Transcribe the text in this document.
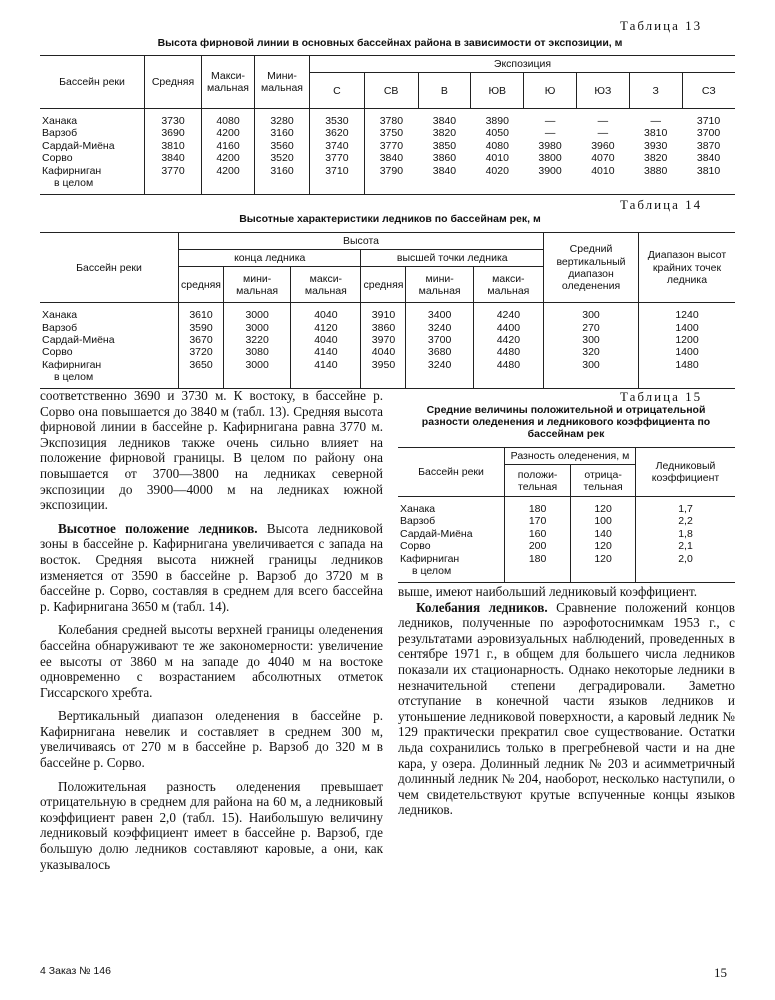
Таблица 13
Высота фирновой линии в основных бассейнах района в зависимости от экспозиции, м
Бассейн реки	Средняя	Макси-мальная	Мини-мальная	Экспозиция							
				С	СВ	В	ЮВ	Ю	ЮЗ	З	СЗ
Ханака	3730	4080	3280	3530	3780	3840	3890	—	—	—	3710
Варзоб	3690	4200	3160	3620	3750	3820	4050	—	—	3810	3700
Сардай-Миёна	3810	4160	3560	3740	3770	3850	4080	3980	3960	3930	3870
Сорво	3840	4200	3520	3770	3840	3860	4010	3800	4070	3820	3840
Кафирниган	3770	4200	3160	3710	3790	3840	4020	3900	4010	3880	3810
в целом											
Таблица 14
Высотные характеристики ледников по бассейнам рек, м
Бассейн реки	Высота						Средний вертикальный диапазон оледенения	Диапазон высот крайних точек ледника
	конца ледника			высшей точки ледника				
	средняя	мини-мальная	макси-мальная	средняя	мини-мальная	макси-мальная		
Ханака	3610	3000	4040	3910	3400	4240	300	1240
Варзоб	3590	3000	4120	3860	3240	4400	270	1400
Сардай-Миёна	3670	3220	4040	3970	3700	4420	300	1200
Сорво	3720	3080	4140	4040	3680	4480	320	1400
Кафирниган	3650	3000	4140	3950	3240	4480	300	1480
в целом								

соответственно 3690 и 3730 м. К востоку, в бассейне р. Сорво она повышается до 3840 м (табл. 13). Средняя высота фирновой линии в бассейне р. Кафирнигана равна 3770 м. Экспозиция ледников также очень сильно влияет на положение фирновой границы. В целом по району она повышается от 3700—3800 на ледниках северной экспозиции до 3900—4000 м на ледниках южной экспозиции.

Высотное положение ледников. Высота ледниковой зоны в бассейне р. Кафирнигана увеличивается с запада на восток. Средняя высота нижней границы ледников изменяется от 3590 в бассейне р. Варзоб до 3720 м в бассейне р. Сорво, составляя в среднем для всего бассейна р. Кафирнигана 3650 м (табл. 14).

Колебания средней высоты верхней границы оледенения бассейна обнаруживают те же закономерности: увеличение ее высоты от 3860 м на западе до 4040 м на востоке одновременно с возрастанием абсолютных отметок Гиссарского хребта.

Вертикальный диапазон оледенения в бассейне р. Кафирнигана невелик и составляет в среднем 300 м, увеличиваясь от 270 м в бассейне р. Варзоб до 320 м в бассейне р. Сорво.

Положительная разность оледенения превышает отрицательную в среднем для района на 60 м, а ледниковый коэффициент равен 2,0 (табл. 15). Наибольшую величину ледниковый коэффициент имеет в бассейне р. Варзоб, где большую долю ледников составляют каровые, а они, как указывалось

Таблица 15
Средние величины положительной и отрицательной разности оледенения и ледникового коэффициента по бассейнам рек
Бассейн реки	Разность оледенения, м		Ледниковый коэффициент
	положи-тельная	отрица-тельная	
Ханака	180	120	1,7
Варзоб	170	100	2,2
Сардай-Миёна	160	140	1,8
Сорво	200	120	2,1
Кафирниган	180	120	2,0
в целом			

выше, имеют наибольший ледниковый коэффициент.

Колебания ледников. Сравнение положений концов ледников, полученные по аэрофотоснимкам 1953 г., с результатами аэровизуальных наблюдений, проведенных в сентябре 1971 г., в общем для большего числа ледников показали их стационарность. Однако некоторые ледники в незначительной степени деградировали. Заметно отступание в конечной части языков ледников и утоньшение ледниковой поверхности, а каровый ледник № 129 практически прекратил свое существование. Остатки льда сохранились только в прегребневой части и на дне кара, у озера. Долинный ледник № 203 и асимметричный долинный ледник № 204, наоборот, несколько наступили, о чем свидетельствуют крутые вспученные концы языков ледников.

4 Заказ № 146	15
